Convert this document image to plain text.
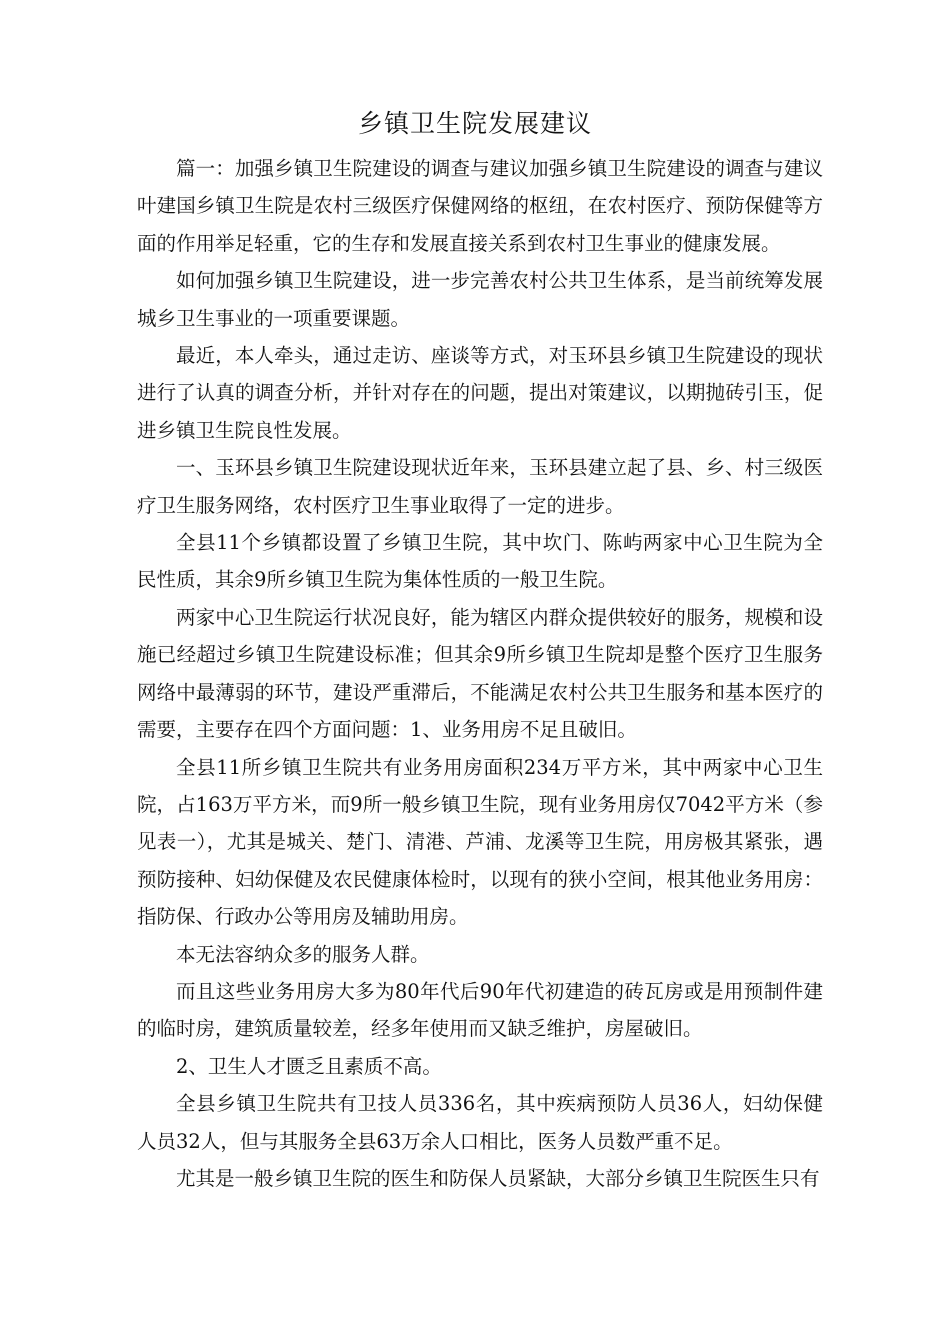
乡镇卫生院发展建议

篇一：加强乡镇卫生院建设的调查与建议加强乡镇卫生院建设的调查与建议叶建国乡镇卫生院是农村三级医疗保健网络的枢纽，在农村医疗、预防保健等方面的作用举足轻重，它的生存和发展直接关系到农村卫生事业的健康发展。

如何加强乡镇卫生院建设，进一步完善农村公共卫生体系，是当前统筹发展城乡卫生事业的一项重要课题。

最近，本人牵头，通过走访、座谈等方式，对玉环县乡镇卫生院建设的现状进行了认真的调查分析，并针对存在的问题，提出对策建议，以期抛砖引玉，促进乡镇卫生院良性发展。

一、玉环县乡镇卫生院建设现状近年来，玉环县建立起了县、乡、村三级医疗卫生服务网络，农村医疗卫生事业取得了一定的进步。

全县11个乡镇都设置了乡镇卫生院，其中坎门、陈屿两家中心卫生院为全民性质，其余9所乡镇卫生院为集体性质的一般卫生院。

两家中心卫生院运行状况良好，能为辖区内群众提供较好的服务，规模和设施已经超过乡镇卫生院建设标准；但其余9所乡镇卫生院却是整个医疗卫生服务网络中最薄弱的环节，建设严重滞后，不能满足农村公共卫生服务和基本医疗的需要，主要存在四个方面问题：1、业务用房不足且破旧。

全县11所乡镇卫生院共有业务用房面积234万平方米，其中两家中心卫生院，占163万平方米，而9所一般乡镇卫生院，现有业务用房仅7042平方米（参见表一），尤其是城关、楚门、清港、芦浦、龙溪等卫生院，用房极其紧张，遇预防接种、妇幼保健及农民健康体检时，以现有的狭小空间，根其他业务用房：指防保、行政办公等用房及辅助用房。

本无法容纳众多的服务人群。

而且这些业务用房大多为80年代后90年代初建造的砖瓦房或是用预制件建的临时房，建筑质量较差，经多年使用而又缺乏维护，房屋破旧。

2、卫生人才匮乏且素质不高。

全县乡镇卫生院共有卫技人员336名，其中疾病预防人员36人，妇幼保健人员32人，但与其服务全县63万余人口相比，医务人员数严重不足。

尤其是一般乡镇卫生院的医生和防保人员紧缺，大部分乡镇卫生院医生只有
